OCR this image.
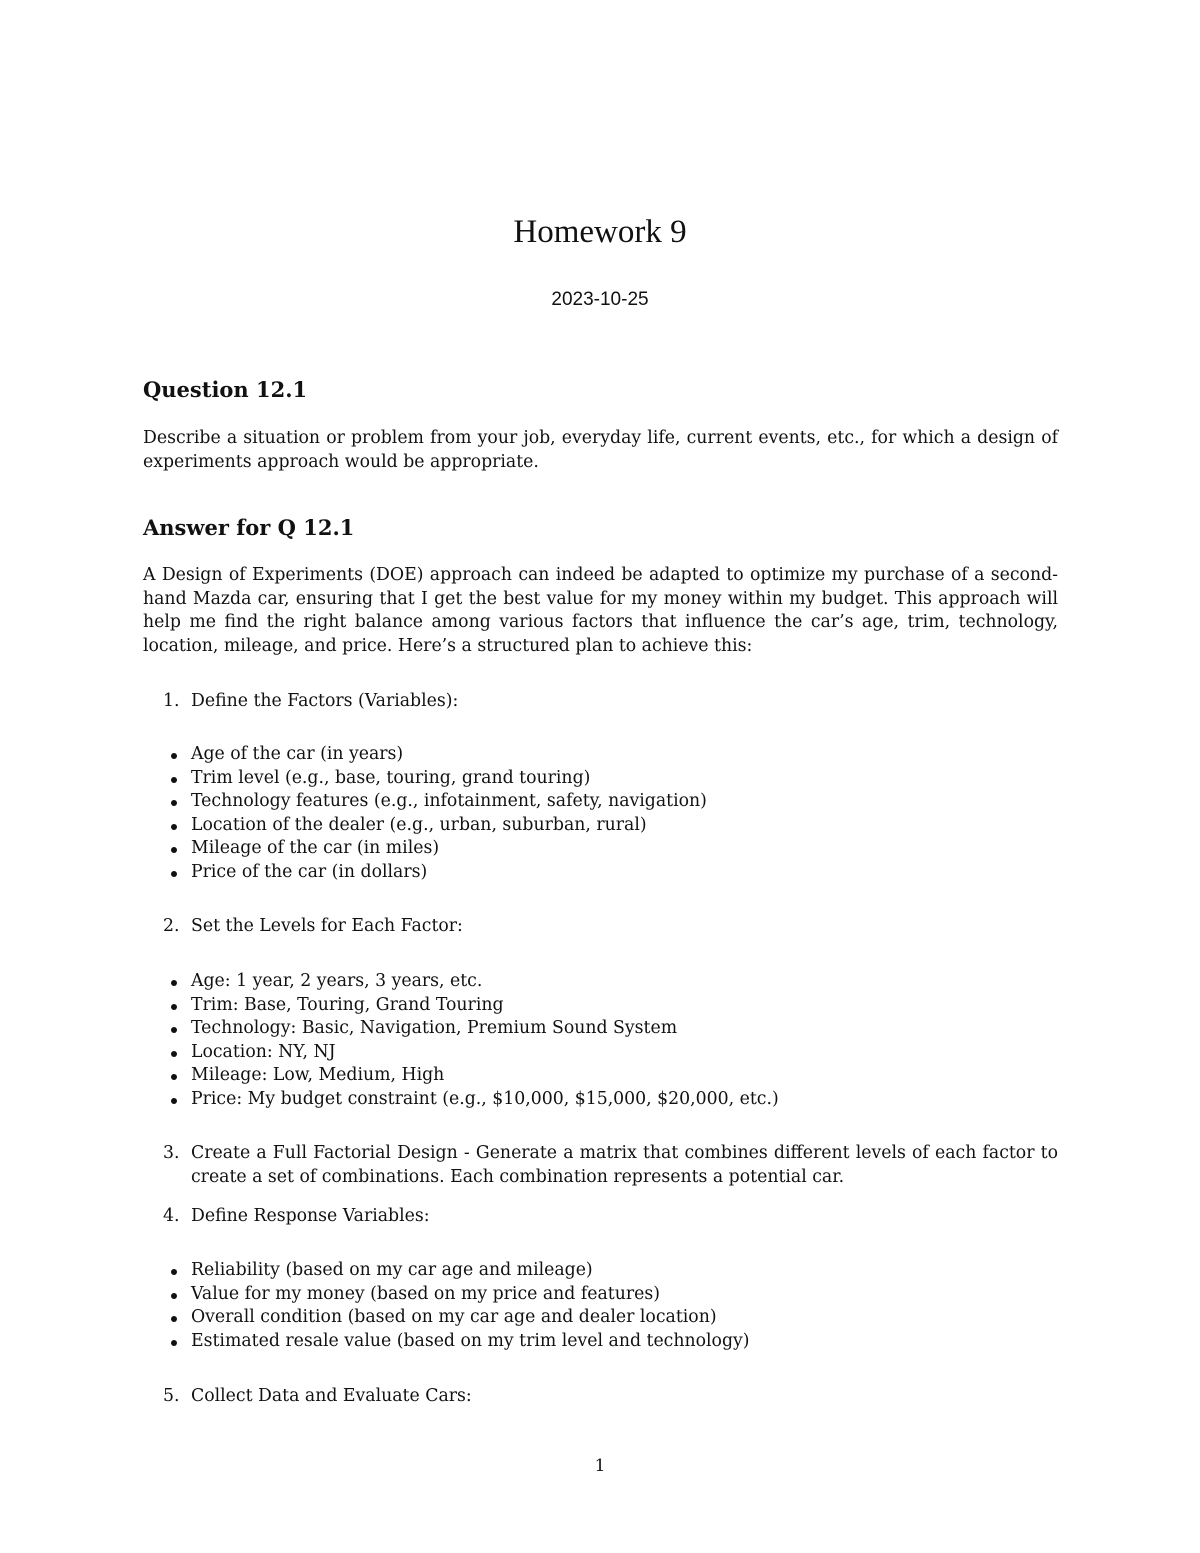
Homework 9
2023-10-25
Question 12.1

Describe a situation or problem from your job, everyday life, current events, etc., for which a design of experiments approach would be appropriate.

Answer for Q 12.1

A Design of Experiments (DOE) approach can indeed be adapted to optimize my purchase of a second-hand Mazda car, ensuring that I get the best value for my money within my budget. This approach will help me find the right balance among various factors that influence the car’s age, trim, technology, location, mileage, and price. Here’s a structured plan to achieve this:

1. Define the Factors (Variables):
Age of the car (in years)
Trim level (e.g., base, touring, grand touring)
Technology features (e.g., infotainment, safety, navigation)
Location of the dealer (e.g., urban, suburban, rural)
Mileage of the car (in miles)
Price of the car (in dollars)
2. Set the Levels for Each Factor:
Age: 1 year, 2 years, 3 years, etc.
Trim: Base, Touring, Grand Touring
Technology: Basic, Navigation, Premium Sound System
Location: NY, NJ
Mileage: Low, Medium, High
Price: My budget constraint (e.g., $10,000, $15,000, $20,000, etc.)
3. Create a Full Factorial Design - Generate a matrix that combines different levels of each factor to create a set of combinations. Each combination represents a potential car.
4. Define Response Variables:
Reliability (based on my car age and mileage)
Value for my money (based on my price and features)
Overall condition (based on my car age and dealer location)
Estimated resale value (based on my trim level and technology)
5. Collect Data and Evaluate Cars:
1
